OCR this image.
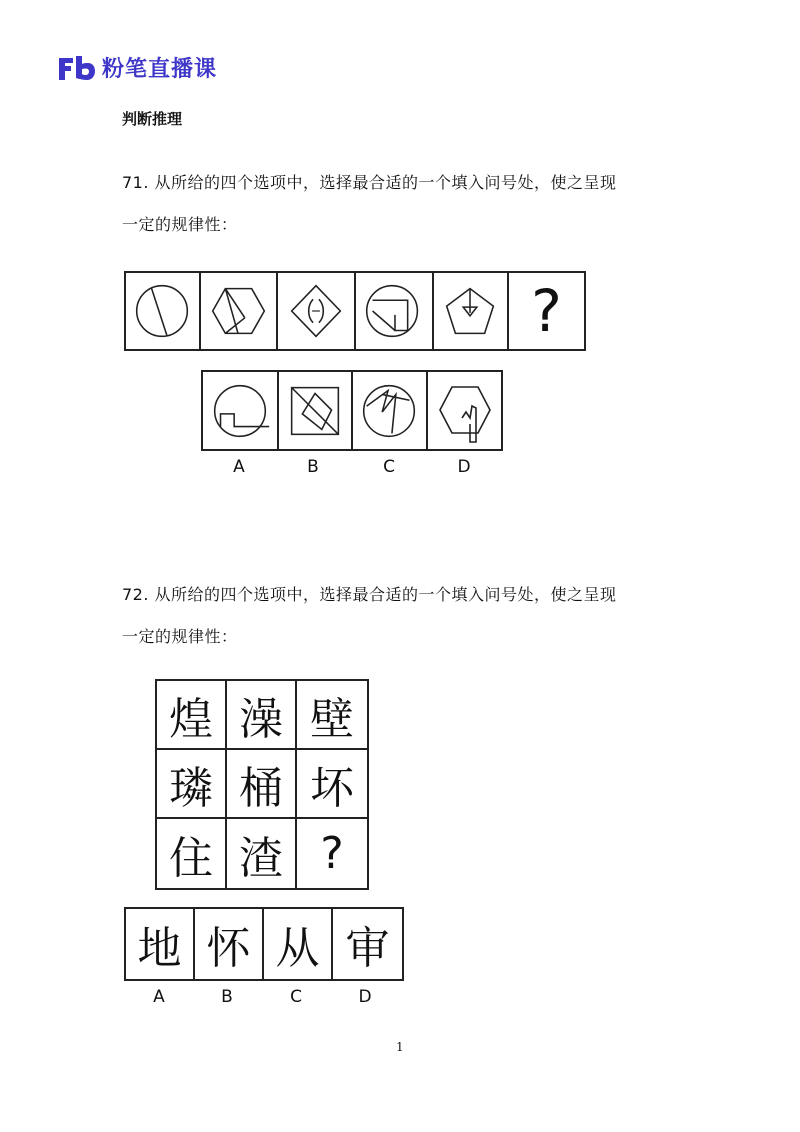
粉笔直播课
判断推理
71. 从所给的四个选项中，选择最合适的一个填入问号处，使之呈现
一定的规律性：
?
A	B	C	D
72. 从所给的四个选项中，选择最合适的一个填入问号处，使之呈现
一定的规律性：
煌 澡 壁
璘 桶 坏
住 渣 ?
地 怀 从 审
A	B	C	D
1
